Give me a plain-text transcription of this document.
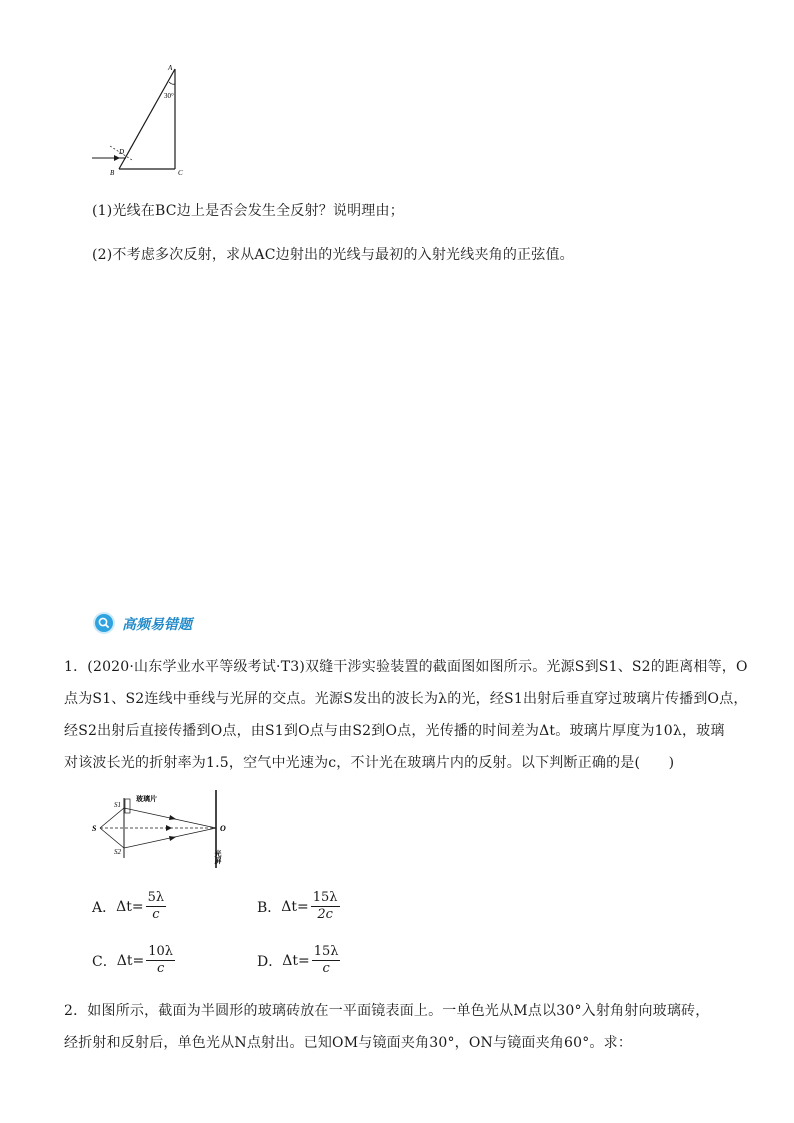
A
30°
D
B	C
(1)光线在BC边上是否会发生全反射？说明理由；
(2)不考虑多次反射，求从AC边射出的光线与最初的入射光线夹角的正弦值。
高频易错题
1．(2020·山东学业水平等级考试·T3)双缝干涉实验装置的截面图如图所示。光源S到S1、S2的距离相等，O
点为S1、S2连线中垂线与光屏的交点。光源S发出的波长为λ的光，经S1出射后垂直穿过玻璃片传播到O点，
经S2出射后直接传播到O点，由S1到O点与由S2到O点，光传播的时间差为Δt。玻璃片厚度为10λ，玻璃
对该波长光的折射率为1.5，空气中光速为c，不计光在玻璃片内的反射。以下判断正确的是(　　)
S
S1
S2
O
玻璃片
光屏
A． $\Delta t= \frac{5\lambda}{c}$	B． $\Delta t= \frac{15\lambda}{2c}$
C． $\Delta t= \frac{10\lambda}{c}$	D． $\Delta t= \frac{15\lambda}{c}$
2．如图所示，截面为半圆形的玻璃砖放在一平面镜表面上。一单色光从M点以30°入射角射向玻璃砖，
经折射和反射后，单色光从N点射出。已知OM与镜面夹角30°，ON与镜面夹角60°。求：
